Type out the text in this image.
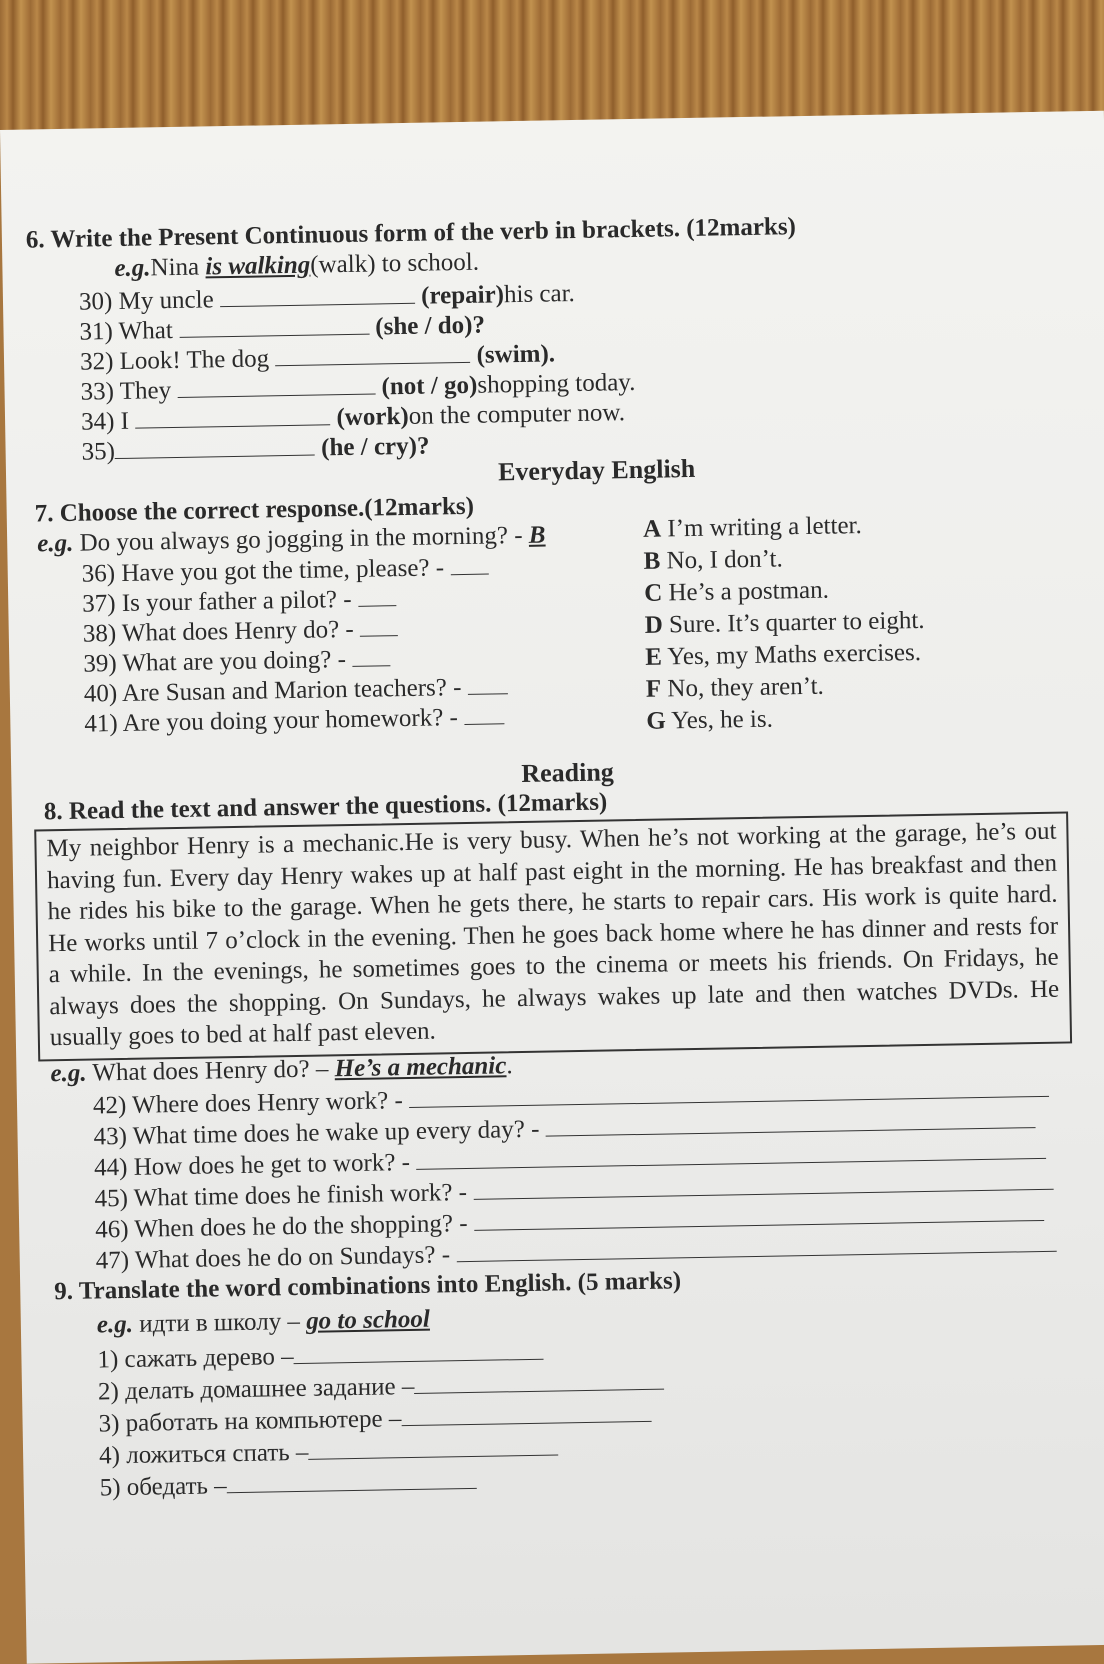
6. Write the Present Continuous form of the verb in brackets. (12marks)
e.g.Nina is walking(walk) to school.
30) My uncle	(repair)his car.
31) What	(she / do)?
32) Look! The dog	(swim).
33) They	(not / go)shopping today.
34) I	(work)on the computer now.
35)	(he / cry)?
Everyday English
7. Choose the correct response.(12marks)
e.g. Do you always go jogging in the morning? - B
36) Have you got the time, please? -
37) Is your father a pilot? -
38) What does Henry do? -
39) What are you doing? -
40) Are Susan and Marion teachers? -
41) Are you doing your homework? -
A I’m writing a letter.
B No, I don’t.
C He’s a postman.
D Sure. It’s quarter to eight.
E Yes, my Maths exercises.
F No, they aren’t.
G Yes, he is.
Reading
8. Read the text and answer the questions. (12marks)
My neighbor Henry is a mechanic.He is very busy. When he’s not working at the garage, he’s out having fun. Every day Henry wakes up at half past eight in the morning. He has breakfast and then he rides his bike to the garage. When he gets there, he starts to repair cars. His work is quite hard. He works until 7 o’clock in the evening. Then he goes back home where he has dinner and rests for a while. In the evenings, he sometimes goes to the cinema or meets his friends. On Fridays, he always does the shopping. On Sundays, he always wakes up late and then watches DVDs. He usually goes to bed at half past eleven.
e.g. What does Henry do? – He’s a mechanic.
42) Where does Henry work? -
43) What time does he wake up every day? -
44) How does he get to work? -
45) What time does he finish work? -
46) When does he do the shopping? -
47) What does he do on Sundays? -
9. Translate the word combinations into English. (5 marks)
e.g. идти в школу – go to school
1) сажать дерево –
2) делать домашнее задание –
3) работать на компьютере –
4) ложиться спать –
5) обедать –
